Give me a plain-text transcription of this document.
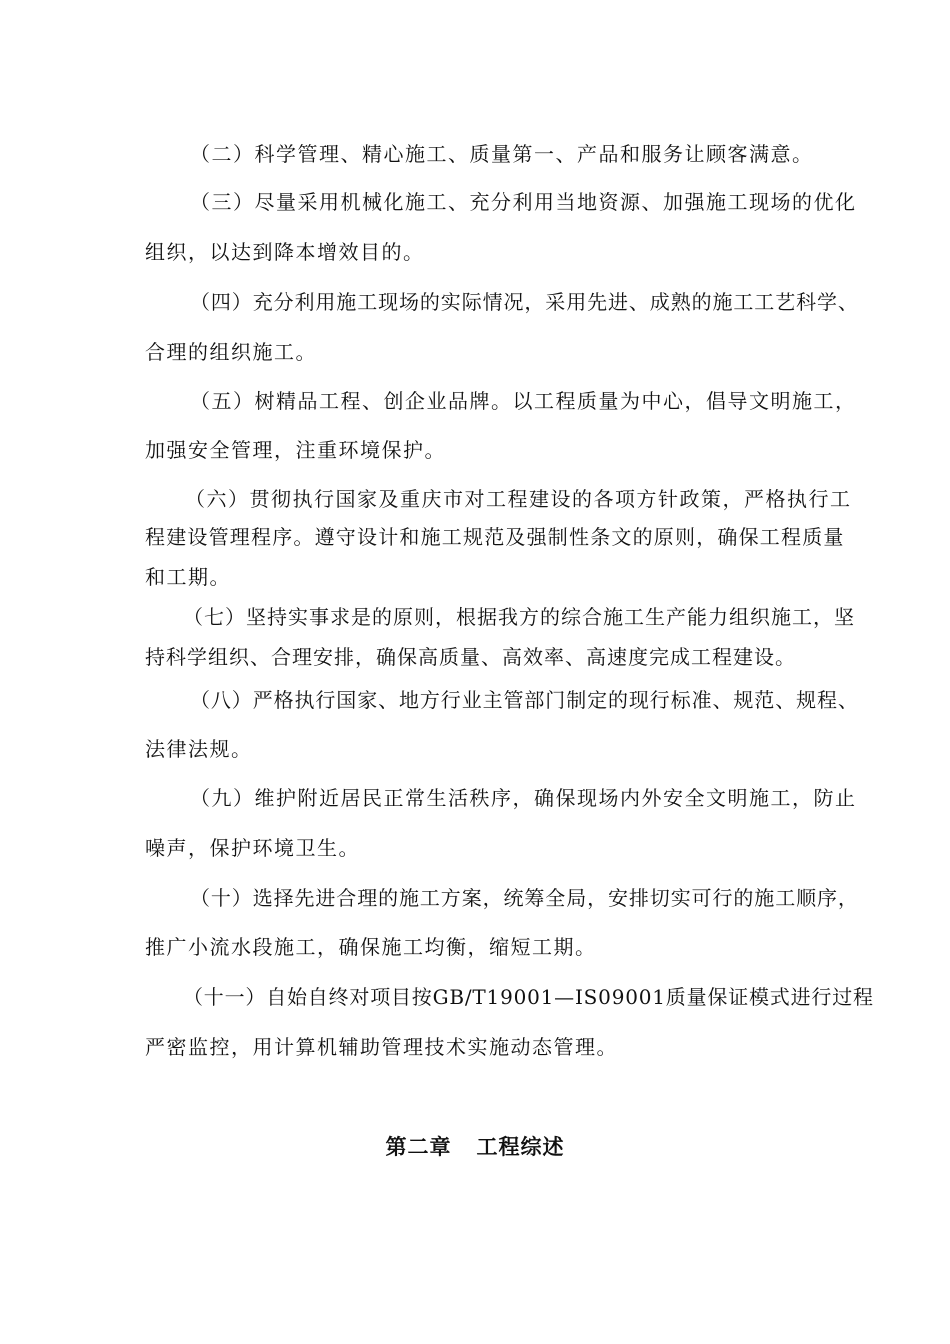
（二）科学管理、精心施工、质量第一、产品和服务让顾客满意。
（三）尽量采用机械化施工、充分利用当地资源、加强施工现场的优化
组织，以达到降本增效目的。
（四）充分利用施工现场的实际情况，采用先进、成熟的施工工艺科学、
合理的组织施工。
（五）树精品工程、创企业品牌。以工程质量为中心，倡导文明施工，
加强安全管理，注重环境保护。
（六）贯彻执行国家及重庆市对工程建设的各项方针政策，严格执行工
程建设管理程序。遵守设计和施工规范及强制性条文的原则，确保工程质量
和工期。
（七）坚持实事求是的原则，根据我方的综合施工生产能力组织施工，坚
持科学组织、合理安排，确保高质量、高效率、高速度完成工程建设。
（八）严格执行国家、地方行业主管部门制定的现行标准、规范、规程、
法律法规。
（九）维护附近居民正常生活秩序，确保现场内外安全文明施工，防止
噪声，保护环境卫生。
（十）选择先进合理的施工方案，统筹全局，安排切实可行的施工顺序，
推广小流水段施工，确保施工均衡，缩短工期。
（十一）自始自终对项目按GB/T19001—IS09001质量保证模式进行过程
严密监控，用计算机辅助管理技术实施动态管理。
第二章   工程综述
